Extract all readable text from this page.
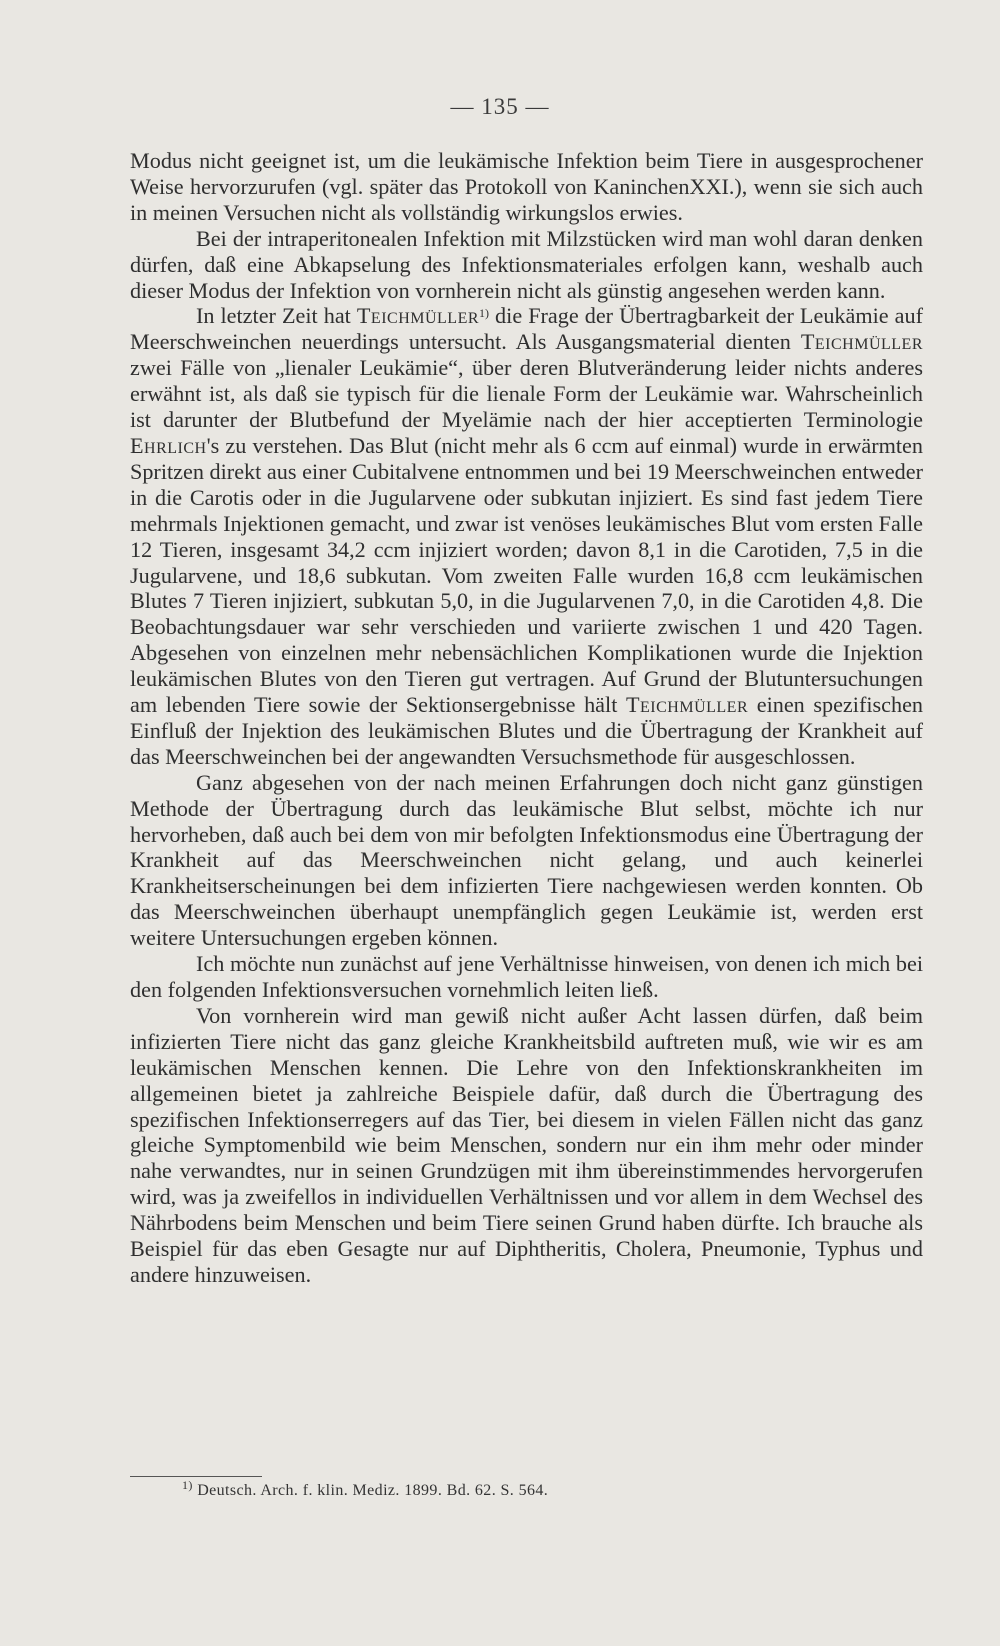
— 135 —

Modus nicht geeignet ist, um die leukämische Infektion beim Tiere in ausgesprochener Weise hervorzurufen (vgl. später das Protokoll von KaninchenXXI.), wenn sie sich auch in meinen Versuchen nicht als vollständig wirkungslos erwies.

Bei der intraperitonealen Infektion mit Milzstücken wird man wohl daran denken dürfen, daß eine Abkapselung des Infektionsmateriales erfolgen kann, weshalb auch dieser Modus der Infektion von vornherein nicht als günstig angesehen werden kann.

In letzter Zeit hat Teichmüller$^{1)}$ die Frage der Übertragbarkeit der Leukämie auf Meerschweinchen neuerdings untersucht. Als Ausgangsmaterial dienten Teichmüller zwei Fälle von „lienaler Leukämie“, über deren Blutveränderung leider nichts anderes erwähnt ist, als daß sie typisch für die lienale Form der Leukämie war. Wahrscheinlich ist darunter der Blutbefund der Myelämie nach der hier acceptierten Terminologie Ehrlich's zu verstehen. Das Blut (nicht mehr als 6 ccm auf einmal) wurde in erwärmten Spritzen direkt aus einer Cubitalvene entnommen und bei 19 Meerschweinchen entweder in die Carotis oder in die Jugularvene oder subkutan injiziert. Es sind fast jedem Tiere mehrmals Injektionen gemacht, und zwar ist venöses leukämisches Blut vom ersten Falle 12 Tieren, insgesamt 34,2 ccm injiziert worden; davon 8,1 in die Carotiden, 7,5 in die Jugularvene, und 18,6 subkutan. Vom zweiten Falle wurden 16,8 ccm leukämischen Blutes 7 Tieren injiziert, subkutan 5,0, in die Jugularvenen 7,0, in die Carotiden 4,8. Die Beobachtungsdauer war sehr verschieden und variierte zwischen 1 und 420 Tagen. Abgesehen von einzelnen mehr nebensächlichen Komplikationen wurde die Injektion leukämischen Blutes von den Tieren gut vertragen. Auf Grund der Blutuntersuchungen am lebenden Tiere sowie der Sektionsergebnisse hält Teichmüller einen spezifischen Einfluß der Injektion des leukämischen Blutes und die Übertragung der Krankheit auf das Meerschweinchen bei der angewandten Versuchsmethode für ausgeschlossen.

Ganz abgesehen von der nach meinen Erfahrungen doch nicht ganz günstigen Methode der Übertragung durch das leukämische Blut selbst, möchte ich nur hervorheben, daß auch bei dem von mir befolgten Infektionsmodus eine Übertragung der Krankheit auf das Meerschweinchen nicht gelang, und auch keinerlei Krankheitserscheinungen bei dem infizierten Tiere nachgewiesen werden konnten. Ob das Meerschweinchen überhaupt unempfänglich gegen Leukämie ist, werden erst weitere Untersuchungen ergeben können.

Ich möchte nun zunächst auf jene Verhältnisse hinweisen, von denen ich mich bei den folgenden Infektionsversuchen vornehmlich leiten ließ.

Von vornherein wird man gewiß nicht außer Acht lassen dürfen, daß beim infizierten Tiere nicht das ganz gleiche Krankheitsbild auftreten muß, wie wir es am leukämischen Menschen kennen. Die Lehre von den Infektionskrankheiten im allgemeinen bietet ja zahlreiche Beispiele dafür, daß durch die Übertragung des spezifischen Infektionserregers auf das Tier, bei diesem in vielen Fällen nicht das ganz gleiche Symptomenbild wie beim Menschen, sondern nur ein ihm mehr oder minder nahe verwandtes, nur in seinen Grundzügen mit ihm übereinstimmendes hervorgerufen wird, was ja zweifellos in individuellen Verhältnissen und vor allem in dem Wechsel des Nährbodens beim Menschen und beim Tiere seinen Grund haben dürfte. Ich brauche als Beispiel für das eben Gesagte nur auf Diphtheritis, Cholera, Pneumonie, Typhus und andere hinzuweisen.

$^{1)}$ Deutsch. Arch. f. klin. Mediz. 1899. Bd. 62. S. 564.
